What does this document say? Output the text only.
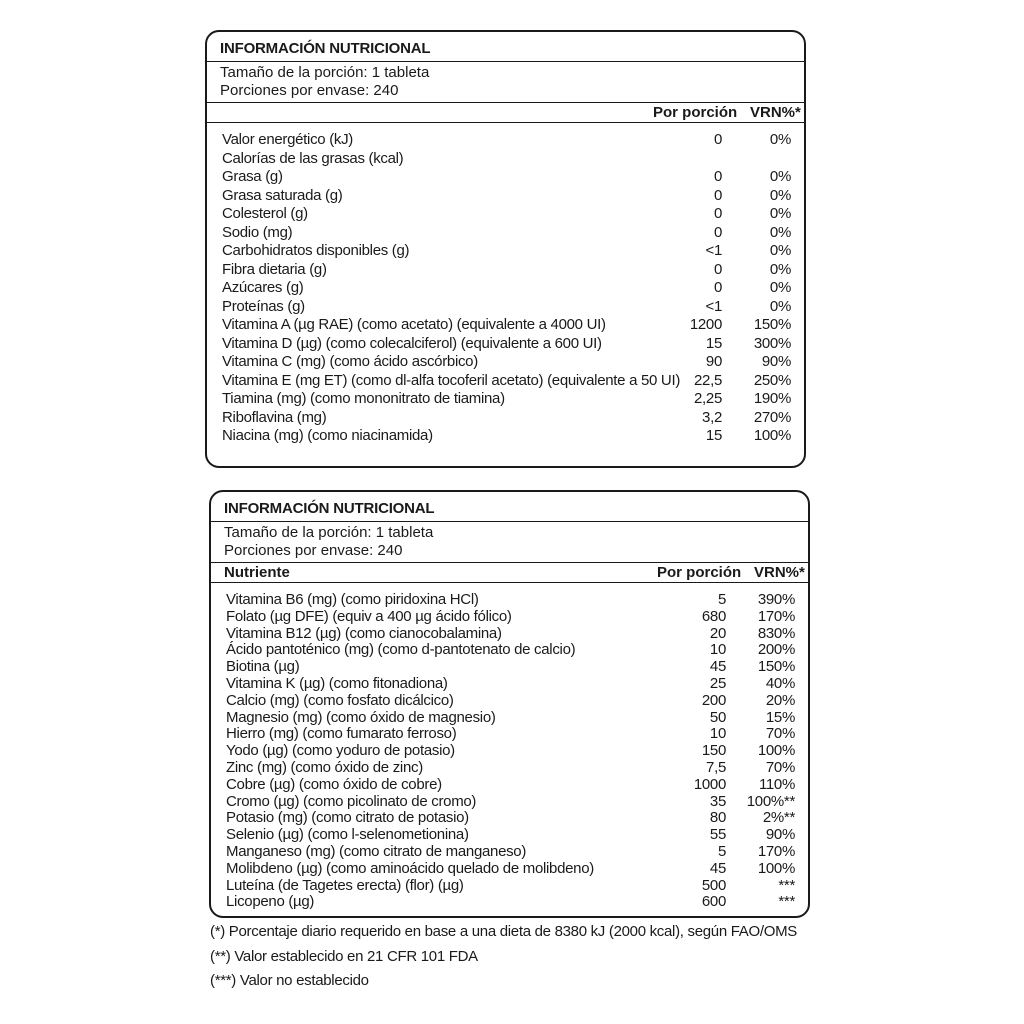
INFORMACIÓN NUTRICIONAL
Tamaño de la porción: 1 tableta
Porciones por envase: 240
Por porción VRN%*
Valor energético (kJ)	0	0%
Calorías de las grasas (kcal)
Grasa (g)	0	0%
Grasa saturada (g)	0	0%
Colesterol (g)	0	0%
Sodio (mg)	0	0%
Carbohidratos disponibles (g)	<1	0%
Fibra dietaria (g)	0	0%
Azúcares (g)	0	0%
Proteínas (g)	<1	0%
Vitamina A (µg RAE) (como acetato) (equivalente a 4000 UI)	1200 150%
Vitamina D (µg) (como colecalciferol) (equivalente a 600 UI)	15 300%
Vitamina C (mg) (como ácido ascórbico)	90	90%
Vitamina E (mg ET) (como dl-alfa tocoferil acetato) (equivalente a 50 UI) 22,5 250%
Tiamina (mg) (como mononitrato de tiamina)	2,25 190%
Riboflavina (mg)	3,2 270%
Niacina (mg) (como niacinamida)	15 100%
INFORMACIÓN NUTRICIONAL
Tamaño de la porción: 1 tableta
Porciones por envase: 240
Nutriente	Por porción VRN%*
Vitamina B6 (mg) (como piridoxina HCl)	5 390%
Folato (µg DFE) (equiv a 400 µg ácido fólico)	680 170%
Vitamina B12 (µg) (como cianocobalamina)	20 830%
Ácido pantoténico (mg) (como d-pantotenato de calcio)	10 200%
Biotina (µg)	45 150%
Vitamina K (µg) (como fitonadiona)	25	40%
Calcio (mg) (como fosfato dicálcico)	200	20%
Magnesio (mg) (como óxido de magnesio)	50	15%
Hierro (mg) (como fumarato ferroso)	10	70%
Yodo (µg) (como yoduro de potasio)	150 100%
Zinc (mg) (como óxido de zinc)	7,5	70%
Cobre (µg) (como óxido de cobre)	1000 110%
Cromo (µg) (como picolinato de cromo)	35 100%**
Potasio (mg) (como citrato de potasio)	80 2%**
Selenio (µg) (como l-selenometionina)	55	90%
Manganeso (mg) (como citrato de manganeso)	5 170%
Molibdeno (µg) (como aminoácido quelado de molibdeno)	45 100%
Luteína (de Tagetes erecta) (flor) (µg)	500	***
Licopeno (µg)	600	***
(*) Porcentaje diario requerido en base a una dieta de 8380 kJ (2000 kcal), según FAO/OMS
(**) Valor establecido en 21 CFR 101 FDA
(***) Valor no establecido
